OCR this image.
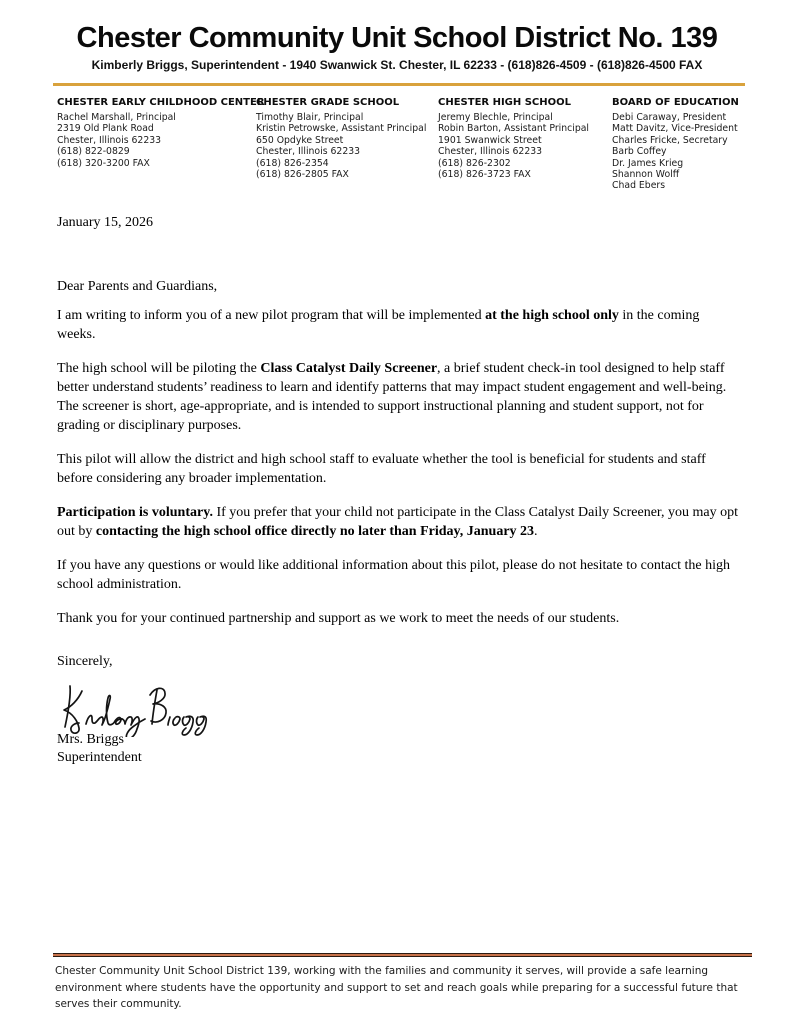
Chester Community Unit School District No. 139
Kimberly Briggs, Superintendent - 1940 Swanwick St. Chester, IL 62233 - (618)826-4509 - (618)826-4500 FAX
CHESTER EARLY CHILDHOOD CENTER
Rachel Marshall, Principal
2319 Old Plank Road
Chester, Illinois 62233
(618) 822-0829
(618) 320-3200 FAX
CHESTER GRADE SCHOOL
Timothy Blair, Principal
Kristin Petrowske, Assistant Principal
650 Opdyke Street
Chester, Illinois 62233
(618) 826-2354
(618) 826-2805 FAX
CHESTER HIGH SCHOOL
Jeremy Blechle, Principal
Robin Barton, Assistant Principal
1901 Swanwick Street
Chester, Illinois 62233
(618) 826-2302
(618) 826-3723 FAX
BOARD OF EDUCATION
Debi Caraway, President
Matt Davitz, Vice-President
Charles Fricke, Secretary
Barb Coffey
Dr. James Krieg
Shannon Wolff
Chad Ebers
January 15, 2026
Dear Parents and Guardians,

I am writing to inform you of a new pilot program that will be implemented at the high school only in the coming weeks.

The high school will be piloting the Class Catalyst Daily Screener, a brief student check-in tool designed to help staff better understand students’ readiness to learn and identify patterns that may impact student engagement and well-being. The screener is short, age-appropriate, and is intended to support instructional planning and student support, not for grading or disciplinary purposes.

This pilot will allow the district and high school staff to evaluate whether the tool is beneficial for students and staff before considering any broader implementation.

Participation is voluntary. If you prefer that your child not participate in the Class Catalyst Daily Screener, you may opt out by contacting the high school office directly no later than Friday, January 23.

If you have any questions or would like additional information about this pilot, please do not hesitate to contact the high school administration.

Thank you for your continued partnership and support as we work to meet the needs of our students.

Sincerely,
Mrs. Briggs
Superintendent
Chester Community Unit School District 139, working with the families and community it serves, will provide a safe learning environment where students have the opportunity and support to set and reach goals while preparing for a successful future that serves their community.
